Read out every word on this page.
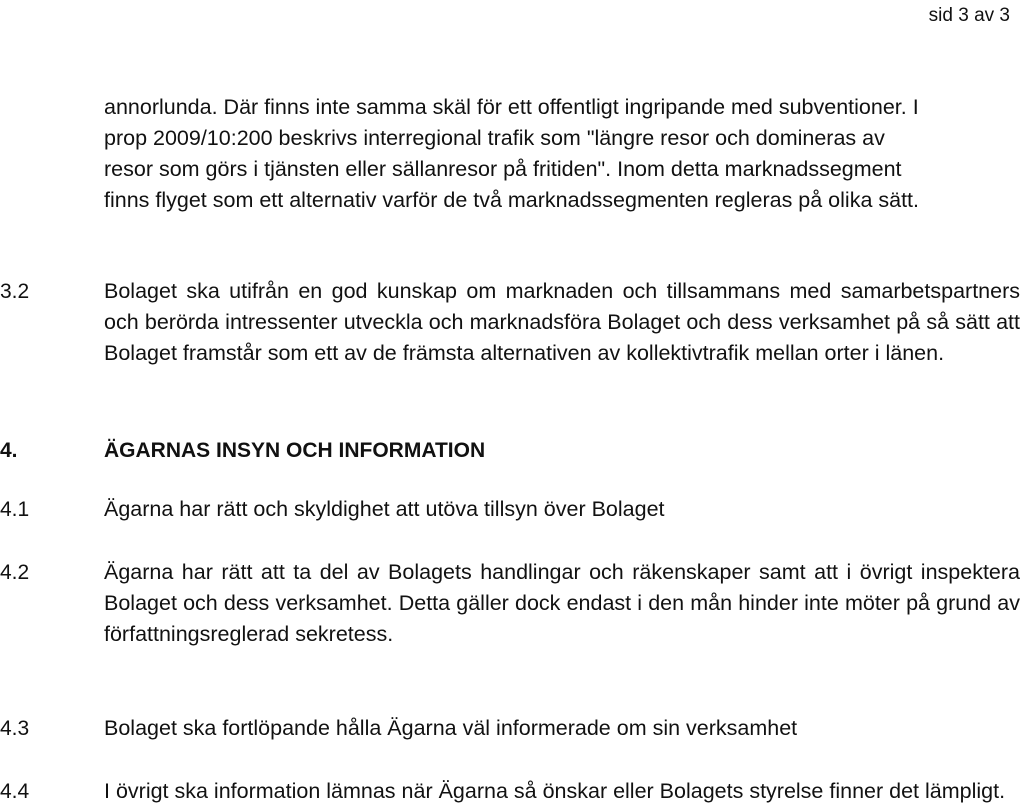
sid 3 av 3

annorlunda. Där finns inte samma skäl för ett offentligt ingripande med subventioner. I prop 2009/10:200 beskrivs interregional trafik som "längre resor och domineras av resor som görs i tjänsten eller sällanresor på fritiden". Inom detta marknadssegment finns flyget som ett alternativ varför de två marknadssegmenten regleras på olika sätt.

3.2	Bolaget ska utifrån en god kunskap om marknaden och tillsammans med samarbetspartners och berörda intressenter utveckla och marknadsföra Bolaget och dess verksamhet på så sätt att Bolaget framstår som ett av de främsta alternativen av kollektivtrafik mellan orter i länen.

4.	ÄGARNAS INSYN OCH INFORMATION

4.1	Ägarna har rätt och skyldighet att utöva tillsyn över Bolaget

4.2	Ägarna har rätt att ta del av Bolagets handlingar och räkenskaper samt att i övrigt inspektera Bolaget och dess verksamhet. Detta gäller dock endast i den mån hinder inte möter på grund av författningsreglerad sekretess.

4.3	Bolaget ska fortlöpande hålla Ägarna väl informerade om sin verksamhet

4.4	I övrigt ska information lämnas när Ägarna så önskar eller Bolagets styrelse finner det lämpligt.
